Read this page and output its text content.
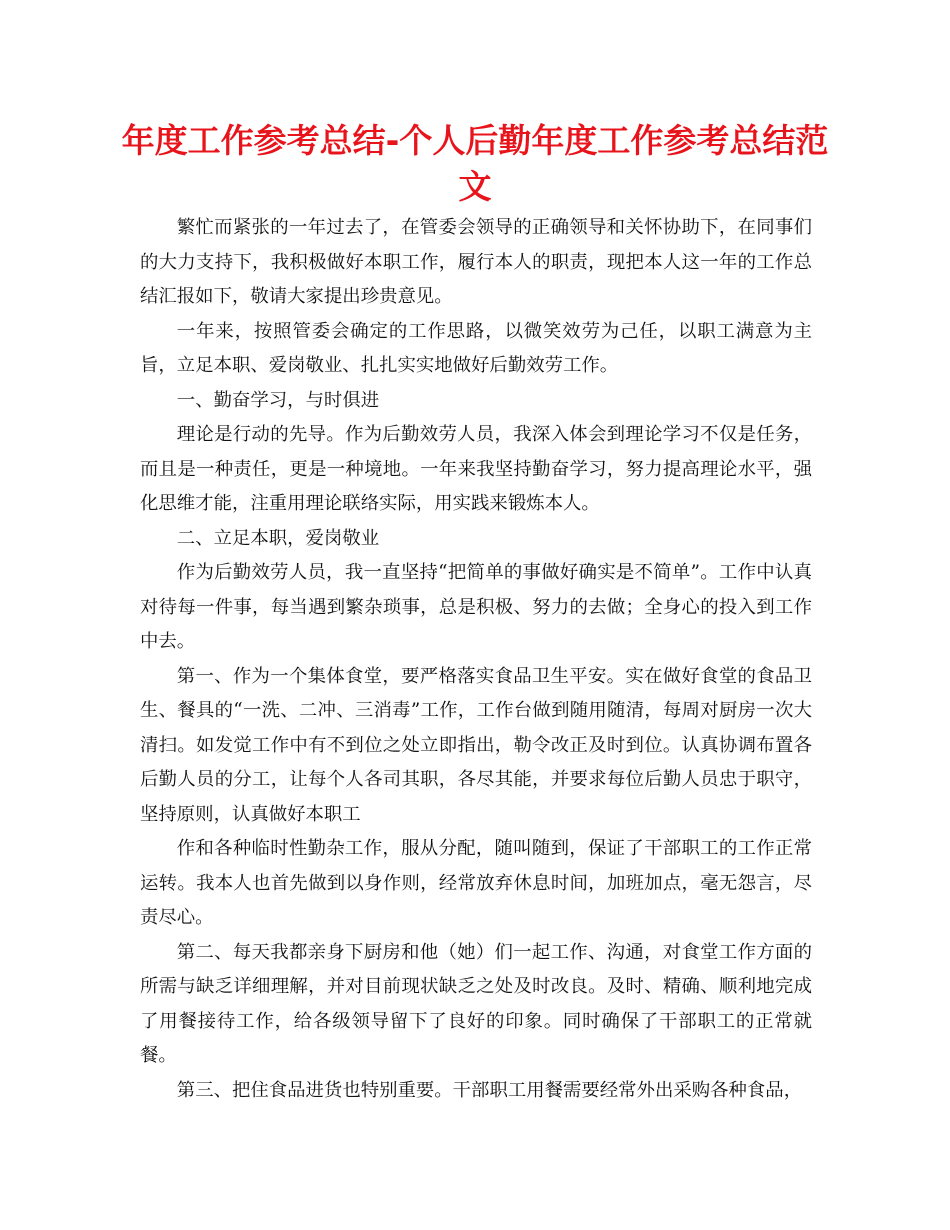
年度工作参考总结-个人后勤年度工作参考总结范文

繁忙而紧张的一年过去了，在管委会领导的正确领导和关怀协助下，在同事们的大力支持下，我积极做好本职工作，履行本人的职责，现把本人这一年的工作总结汇报如下，敬请大家提出珍贵意见。

一年来，按照管委会确定的工作思路，以微笑效劳为己任，以职工满意为主旨，立足本职、爱岗敬业、扎扎实实地做好后勤效劳工作。

一、勤奋学习，与时俱进

理论是行动的先导。作为后勤效劳人员，我深入体会到理论学习不仅是任务，而且是一种责任，更是一种境地。一年来我坚持勤奋学习，努力提高理论水平，强化思维才能，注重用理论联络实际，用实践来锻炼本人。

二、立足本职，爱岗敬业

作为后勤效劳人员，我一直坚持“把简单的事做好确实是不简单”。工作中认真对待每一件事，每当遇到繁杂琐事，总是积极、努力的去做；全身心的投入到工作中去。

第一、作为一个集体食堂，要严格落实食品卫生平安。实在做好食堂的食品卫生、餐具的“一洗、二冲、三消毒”工作，工作台做到随用随清，每周对厨房一次大清扫。如发觉工作中有不到位之处立即指出，勒令改正及时到位。认真协调布置各后勤人员的分工，让每个人各司其职，各尽其能，并要求每位后勤人员忠于职守，坚持原则，认真做好本职工

作和各种临时性勤杂工作，服从分配，随叫随到，保证了干部职工的工作正常运转。我本人也首先做到以身作则，经常放弃休息时间，加班加点，毫无怨言，尽责尽心。

第二、每天我都亲身下厨房和他（她）们一起工作、沟通，对食堂工作方面的所需与缺乏详细理解，并对目前现状缺乏之处及时改良。及时、精确、顺利地完成了用餐接待工作，给各级领导留下了良好的印象。同时确保了干部职工的正常就餐。

第三、把住食品进货也特别重要。干部职工用餐需要经常外出采购各种食品，
